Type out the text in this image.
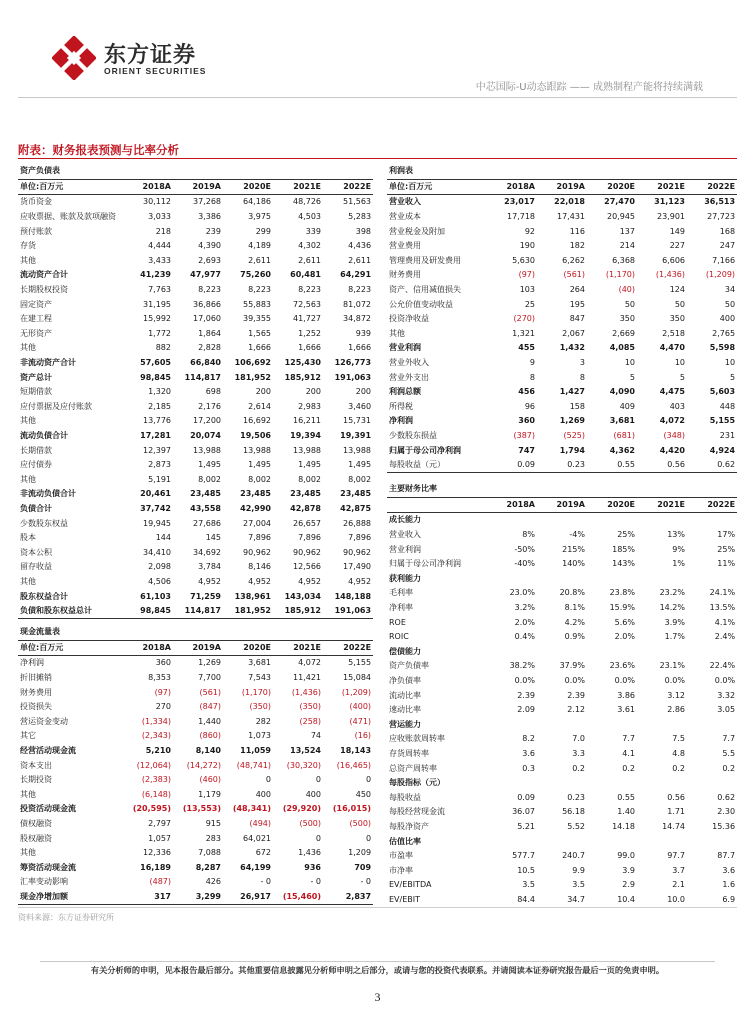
东方证券
ORIENT SECURITIES
中芯国际-U动态跟踪 —— 成熟制程产能将持续满载
附表：财务报表预测与比率分析
资产负债表					
单位:百万元	2018A	2019A	2020E	2021E	2022E
货币资金	30,112	37,268	64,186	48,726	51,563
应收票据、账款及款项融资	3,033	3,386	3,975	4,503	5,283
预付账款	218	239	299	339	398
存货	4,444	4,390	4,189	4,302	4,436
其他	3,433	2,693	2,611	2,611	2,611
流动资产合计	41,239	47,977	75,260	60,481	64,291
长期股权投资	7,763	8,223	8,223	8,223	8,223
固定资产	31,195	36,866	55,883	72,563	81,072
在建工程	15,992	17,060	39,355	41,727	34,872
无形资产	1,772	1,864	1,565	1,252	939
其他	882	2,828	1,666	1,666	1,666
非流动资产合计	57,605	66,840	106,692	125,430	126,773
资产总计	98,845	114,817	181,952	185,912	191,063
短期借款	1,320	698	200	200	200
应付票据及应付账款	2,185	2,176	2,614	2,983	3,460
其他	13,776	17,200	16,692	16,211	15,731
流动负债合计	17,281	20,074	19,506	19,394	19,391
长期借款	12,397	13,988	13,988	13,988	13,988
应付债券	2,873	1,495	1,495	1,495	1,495
其他	5,191	8,002	8,002	8,002	8,002
非流动负债合计	20,461	23,485	23,485	23,485	23,485
负债合计	37,742	43,558	42,990	42,878	42,875
少数股东权益	19,945	27,686	27,004	26,657	26,888
股本	144	145	7,896	7,896	7,896
资本公积	34,410	34,692	90,962	90,962	90,962
留存收益	2,098	3,784	8,146	12,566	17,490
其他	4,506	4,952	4,952	4,952	4,952
股东权益合计	61,103	71,259	138,961	143,034	148,188
负债和股东权益总计	98,845	114,817	181,952	185,912	191,063
利润表					
单位:百万元	2018A	2019A	2020E	2021E	2022E
营业收入	23,017	22,018	27,470	31,123	36,513
营业成本	17,718	17,431	20,945	23,901	27,723
营业税金及附加	92	116	137	149	168
营业费用	190	182	214	227	247
管理费用及研发费用	5,630	6,262	6,368	6,606	7,166
财务费用	(97)	(561)	(1,170)	(1,436)	(1,209)
资产、信用减值损失	103	264	(40)	124	34
公允价值变动收益	25	195	50	50	50
投资净收益	(270)	847	350	350	400
其他	1,321	2,067	2,669	2,518	2,765
营业利润	455	1,432	4,085	4,470	5,598
营业外收入	9	3	10	10	10
营业外支出	8	8	5	5	5
利润总额	456	1,427	4,090	4,475	5,603
所得税	96	158	409	403	448
净利润	360	1,269	3,681	4,072	5,155
少数股东损益	(387)	(525)	(681)	(348)	231
归属于母公司净利润	747	1,794	4,362	4,420	4,924
每股收益（元）	0.09	0.23	0.55	0.56	0.62
现金流量表					
单位:百万元	2018A	2019A	2020E	2021E	2022E
净利润	360	1,269	3,681	4,072	5,155
折旧摊销	8,353	7,700	7,543	11,421	15,084
财务费用	(97)	(561)	(1,170)	(1,436)	(1,209)
投资损失	270	(847)	(350)	(350)	(400)
营运资金变动	(1,334)	1,440	282	(258)	(471)
其它	(2,343)	(860)	1,073	74	(16)
经营活动现金流	5,210	8,140	11,059	13,524	18,143
资本支出	(12,064)	(14,272)	(48,741)	(30,320)	(16,465)
长期投资	(2,383)	(460)	0	0	0
其他	(6,148)	1,179	400	400	450
投资活动现金流	(20,595)	(13,553)	(48,341)	(29,920)	(16,015)
债权融资	2,797	915	(494)	(500)	(500)
股权融资	1,057	283	64,021	0	0
其他	12,336	7,088	672	1,436	1,209
筹资活动现金流	16,189	8,287	64,199	936	709
汇率变动影响	(487)	426	- 0	- 0	- 0
现金净增加额	317	3,299	26,917	(15,460)	2,837
主要财务比率					
	2018A	2019A	2020E	2021E	2022E
成长能力					
营业收入	8%	-4%	25%	13%	17%
营业利润	-50%	215%	185%	9%	25%
归属于母公司净利润	-40%	140%	143%	1%	11%
获利能力					
毛利率	23.0%	20.8%	23.8%	23.2%	24.1%
净利率	3.2%	8.1%	15.9%	14.2%	13.5%
ROE	2.0%	4.2%	5.6%	3.9%	4.1%
ROIC	0.4%	0.9%	2.0%	1.7%	2.4%
偿债能力					
资产负债率	38.2%	37.9%	23.6%	23.1%	22.4%
净负债率	0.0%	0.0%	0.0%	0.0%	0.0%
流动比率	2.39	2.39	3.86	3.12	3.32
速动比率	2.09	2.12	3.61	2.86	3.05
营运能力					
应收账款周转率	8.2	7.0	7.7	7.5	7.7
存货周转率	3.6	3.3	4.1	4.8	5.5
总资产周转率	0.3	0.2	0.2	0.2	0.2
每股指标（元）					
每股收益	0.09	0.23	0.55	0.56	0.62
每股经营现金流	36.07	56.18	1.40	1.71	2.30
每股净资产	5.21	5.52	14.18	14.74	15.36
估值比率					
市盈率	577.7	240.7	99.0	97.7	87.7
市净率	10.5	9.9	3.9	3.7	3.6
EV/EBITDA	3.5	3.5	2.9	2.1	1.6
EV/EBIT	84.4	34.7	10.4	10.0	6.9
资料来源：东方证券研究所
有关分析师的申明，见本报告最后部分。其他重要信息披露见分析师申明之后部分，或请与您的投资代表联系。并请阅读本证券研究报告最后一页的免责申明。
3
